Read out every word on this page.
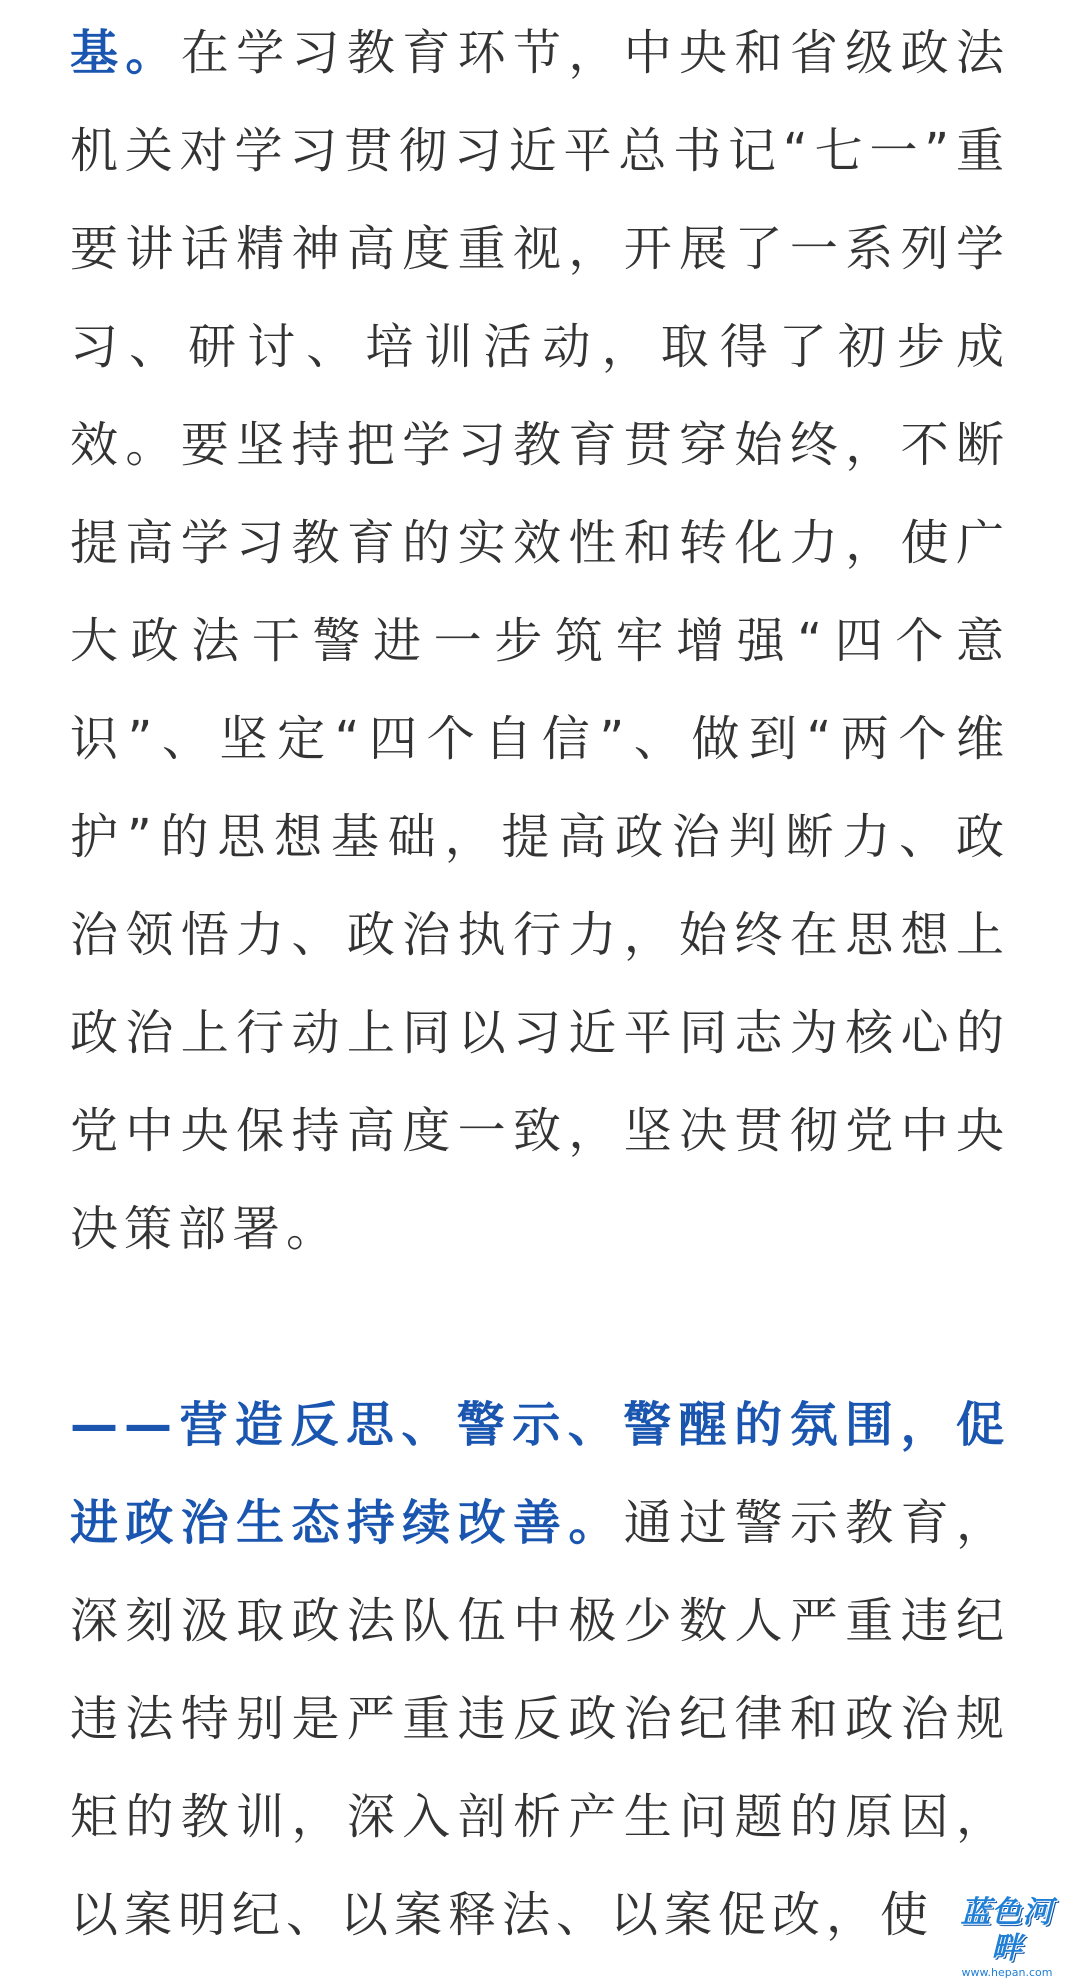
基。在学习教育环节，中央和省级政法机关对学习贯彻习近平总书记“七一”重要讲话精神高度重视，开展了一系列学习、研讨、培训活动，取得了初步成效。要坚持把学习教育贯穿始终，不断提高学习教育的实效性和转化力，使广大政法干警进一步筑牢增强“四个意识”、坚定“四个自信”、做到“两个维护”的思想基础，提高政治判断力、政治领悟力、政治执行力，始终在思想上政治上行动上同以习近平同志为核心的党中央保持高度一致，坚决贯彻党中央决策部署。

——营造反思、警示、警醒的氛围，促进政治生态持续改善。通过警示教育，深刻汲取政法队伍中极少数人严重违纪违法特别是严重违反政治纪律和政治规矩的教训，深入剖析产生问题的原因，以案明纪、以案释法、以案促改，使 蓝色河畔
www.hepan.com
